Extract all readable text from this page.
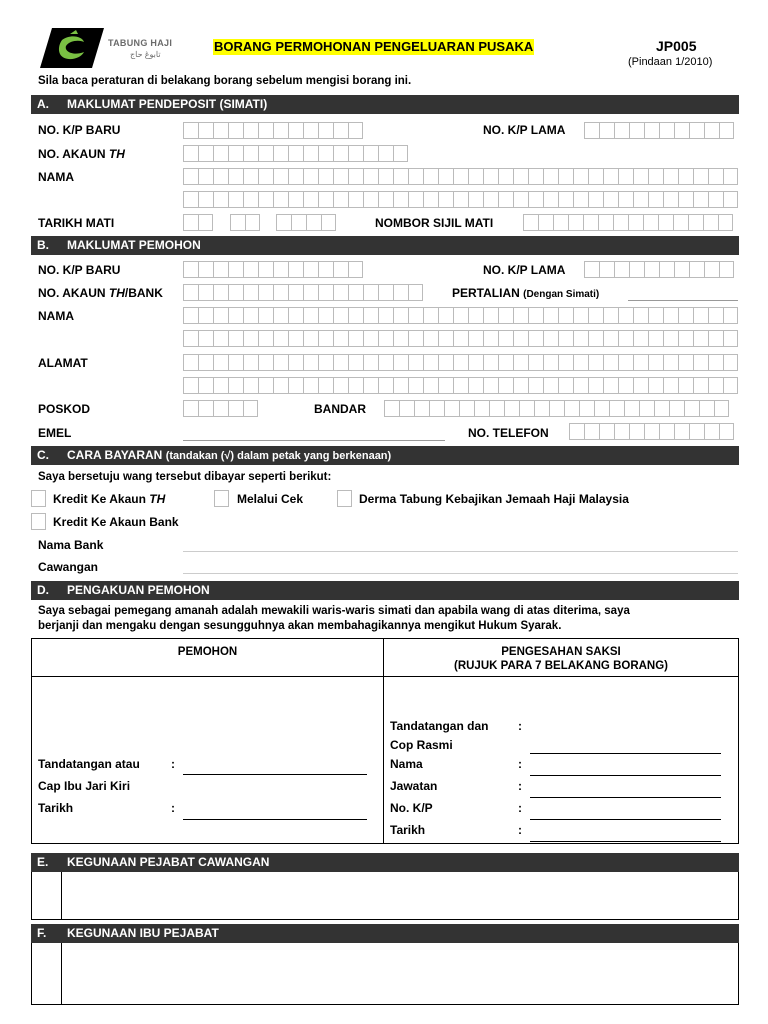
TABUNG HAJI
تابوڠ حاج
BORANG PERMOHONAN PENGELUARAN PUSAKA	JP005
(Pindaan 1/2010)
Sila baca peraturan di belakang borang sebelum mengisi borang ini.
A. MAKLUMAT PENDEPOSIT (SIMATI)
NO. K/P BARU	NO. K/P LAMA
NO. AKAUN TH
NAMA
TARIKH MATI	NOMBOR SIJIL MATI
B. MAKLUMAT PEMOHON
NO. K/P BARU	NO. K/P LAMA
NO. AKAUN TH/BANK	PERTALIAN (Dengan Simati)
NAMA
ALAMAT
POSKOD	BANDAR
EMEL	NO. TELEFON
C. CARA BAYARAN (tandakan (√) dalam petak yang berkenaan)
Saya bersetuju wang tersebut dibayar seperti berikut:
Kredit Ke Akaun TH	Melalui Cek	Derma Tabung Kebajikan Jemaah Haji Malaysia
Kredit Ke Akaun Bank
Nama Bank
Cawangan
D. PENGAKUAN PEMOHON
Saya sebagai pemegang amanah adalah mewakili waris-waris simati dan apabila wang di atas diterima, saya
berjanji dan mengaku dengan sesungguhnya akan membahagikannya mengikut Hukum Syarak.
PEMOHON	PENGESAHAN SAKSI
(RUJUK PARA 7 BELAKANG BORANG)
Tandatangan atau	:
Cap Ibu Jari Kiri
Tarikh	:
Tandatangan dan :
Cop Rasmi
Nama	:
Jawatan	:
No. K/P	:
Tarikh	:
E. KEGUNAAN PEJABAT CAWANGAN
F. KEGUNAAN IBU PEJABAT
